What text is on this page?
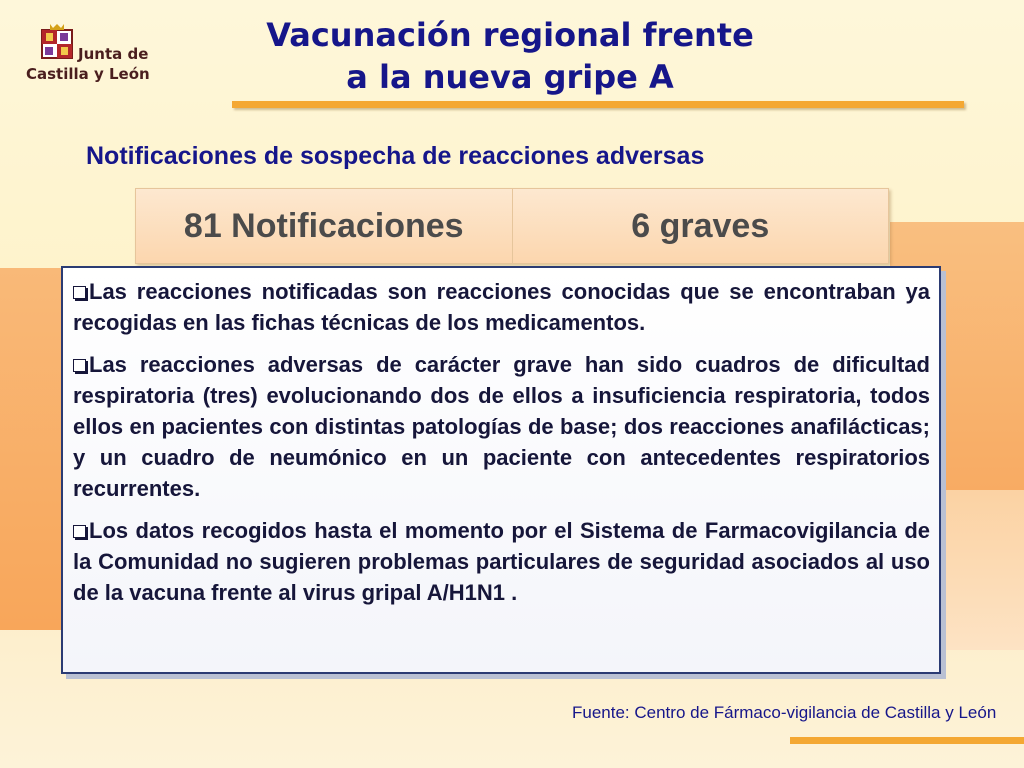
Junta de
Castilla y León
Vacunación regional frente
a la nueva gripe A
Notificaciones de sospecha de reacciones adversas
81 Notificaciones	6 graves

Las reacciones notificadas son reacciones conocidas que se encontraban ya recogidas en las fichas técnicas de los medicamentos.

Las reacciones adversas de carácter grave han sido cuadros de dificultad respiratoria (tres) evolucionando dos de ellos a insuficiencia respiratoria, todos ellos en pacientes con distintas patologías de base; dos reacciones anafilácticas; y un cuadro de neumónico en un paciente con antecedentes respiratorios recurrentes.

Los datos recogidos hasta el momento por el Sistema de Farmacovigilancia de la Comunidad no sugieren problemas particulares de seguridad asociados al uso de la vacuna frente al virus gripal A/H1N1 .

Fuente: Centro de Fármaco-vigilancia de Castilla y León
